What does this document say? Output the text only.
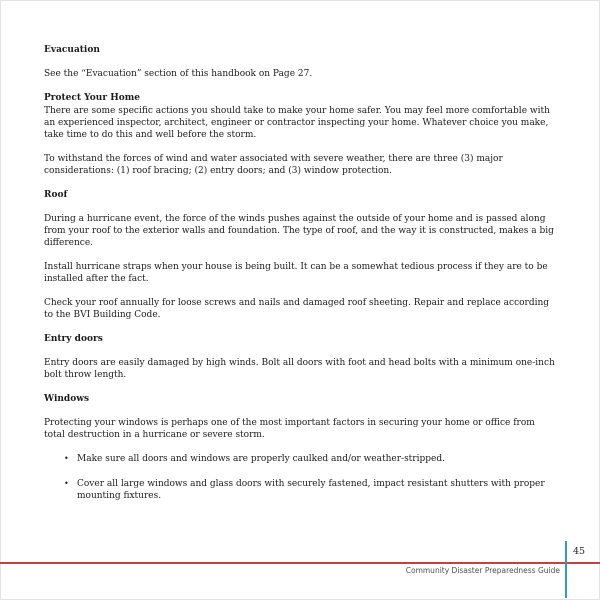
Evacuation

See the “Evacuation” section of this handbook on Page 27.

Protect Your Home

There are some specific actions you should take to make your home safer. You may feel more comfortable with an experienced inspector, architect, engineer or contractor inspecting your home. Whatever choice you make, take time to do this and well before the storm.

To withstand the forces of wind and water associated with severe weather, there are three (3) major considerations: (1) roof bracing; (2) entry doors; and (3) window protection.

Roof

During a hurricane event, the force of the winds pushes against the outside of your home and is passed along from your roof to the exterior walls and foundation. The type of roof, and the way it is constructed, makes a big difference.

Install hurricane straps when your house is being built. It can be a somewhat tedious process if they are to be installed after the fact.

Check your roof annually for loose screws and nails and damaged roof sheeting. Repair and replace according to the BVI Building Code.

Entry doors

Entry doors are easily damaged by high winds. Bolt all doors with foot and head bolts with a minimum one-inch bolt throw length.

Windows

Protecting your windows is perhaps one of the most important factors in securing your home or office from total destruction in a hurricane or severe storm.

• Make sure all doors and windows are properly caulked and/or weather-stripped.
• Cover all large windows and glass doors with securely fastened, impact resistant shutters with proper mounting fixtures.
45
Community Disaster Preparedness Guide
